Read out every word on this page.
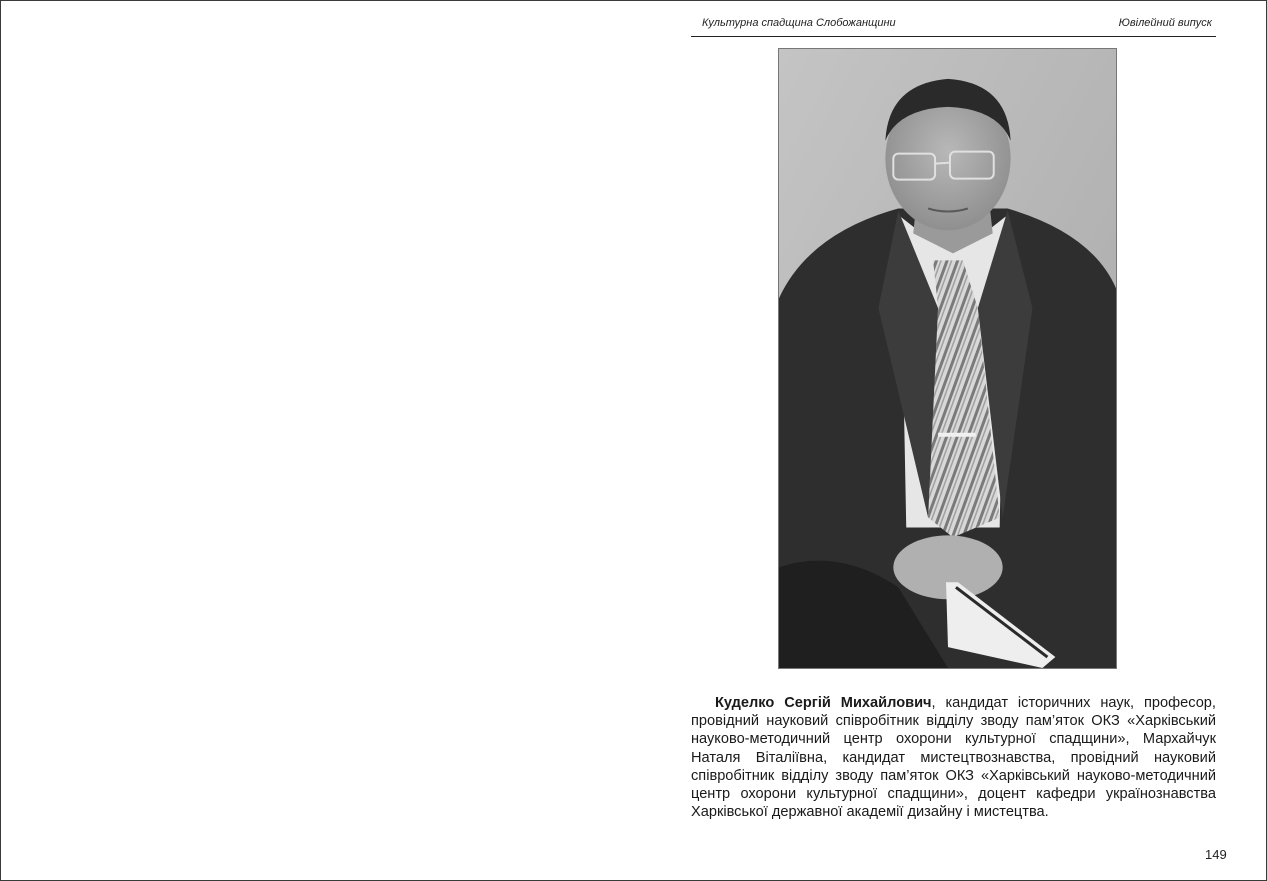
Культурна спадщина Слобожанщини	Ювілейний випуск

Куделко Сергій Михайлович, кандидат історичних наук, професор, провідний науковий співробітник відділу зводу пам’яток ОКЗ «Харківський науково-методичний центр охорони культурної спадщини», Мархайчук Наталя Віталіївна, кандидат мистецтвознавства, провідний науковий співробітник відділу зводу пам’яток ОКЗ «Харківський науково-методичний центр охорони культурної спадщини», доцент кафедри українознавства Харківської державної академії дизайну і мистецтва.

149
